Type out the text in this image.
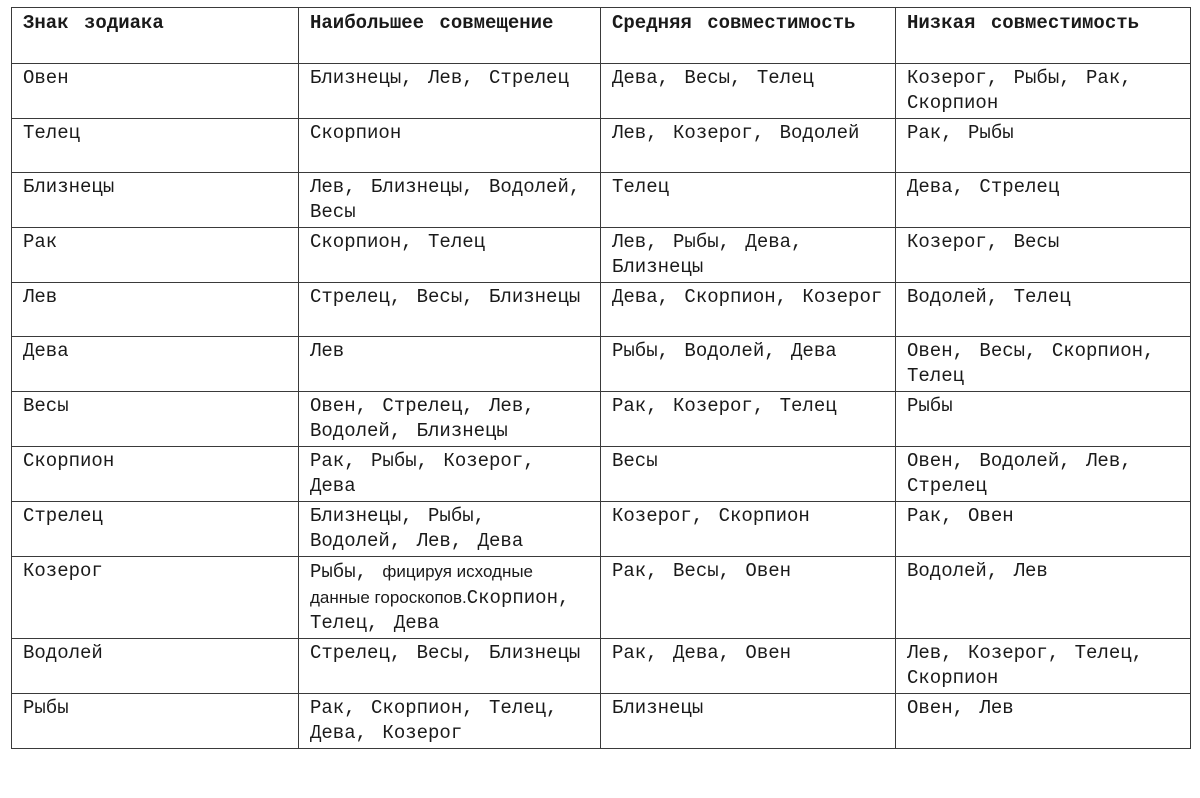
Знак зодиака	Наибольшее совмещение	Средняя совместимость	Низкая совместимость
Овен	Близнецы, Лев, Стрелец	Дева, Весы, Телец	Козерог, Рыбы, Рак, Скорпион
Телец	Скорпион	Лев, Козерог, Водолей	Рак, Рыбы
Близнецы	Лев, Близнецы, Водолей, Весы	Телец	Дева, Стрелец
Рак	Скорпион, Телец	Лев, Рыбы, Дева, Близнецы	Козерог, Весы
Лев	Стрелец, Весы, Близнецы	Дева, Скорпион, Козерог	Водолей, Телец
Дева	Лев	Рыбы, Водолей, Дева	Овен, Весы, Скорпион, Телец
Весы	Овен, Стрелец, Лев, Водолей, Близнецы	Рак, Козерог, Телец	Рыбы
Скорпион	Рак, Рыбы, Козерог, Дева	Весы	Овен, Водолей, Лев, Стрелец
Стрелец	Близнецы, Рыбы, Водолей, Лев, Дева	Козерог, Скорпион	Рак, Овен
Козерог	Рыбы, фицируя исходные данные гороскопов.Скорпион, Телец, Дева	Рак, Весы, Овен	Водолей, Лев
Водолей	Стрелец, Весы, Близнецы	Рак, Дева, Овен	Лев, Козерог, Телец, Скорпион
Рыбы	Рак, Скорпион, Телец, Дева, Козерог	Близнецы	Овен, Лев
